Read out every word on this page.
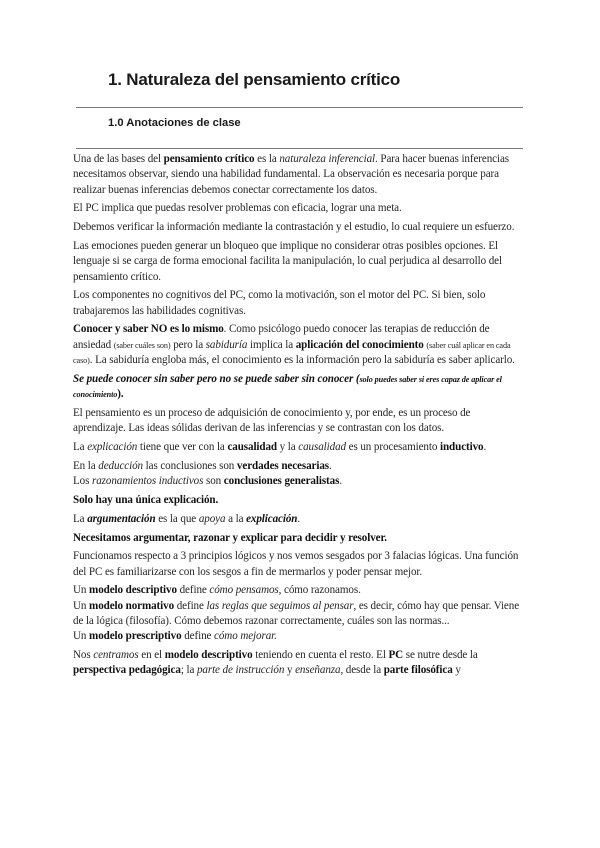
1. Naturaleza del pensamiento crítico
1.0 Anotaciones de clase

Una de las bases del pensamiento crítico es la naturaleza inferencial. Para hacer buenas inferencias necesitamos observar, siendo una habilidad fundamental. La observación es necesaria porque para realizar buenas inferencias debemos conectar correctamente los datos.

El PC implica que puedas resolver problemas con eficacia, lograr una meta.

Debemos verificar la información mediante la contrastación y el estudio, lo cual requiere un esfuerzo.

Las emociones pueden generar un bloqueo que implique no considerar otras posibles opciones. El lenguaje si se carga de forma emocional facilita la manipulación, lo cual perjudica al desarrollo del pensamiento crítico.

Los componentes no cognitivos del PC, como la motivación, son el motor del PC. Si bien, solo trabajaremos las habilidades cognitivas.

Conocer y saber NO es lo mismo. Como psicólogo puedo conocer las terapias de reducción de ansiedad (saber cuáles son) pero la sabiduría implica la aplicación del conocimiento (saber cuál aplicar en cada caso). La sabiduría engloba más, el conocimiento es la información pero la sabiduría es saber aplicarlo.

Se puede conocer sin saber pero no se puede saber sin conocer (solo puedes saber si eres capaz de aplicar el conocimiento).

El pensamiento es un proceso de adquisición de conocimiento y, por ende, es un proceso de aprendizaje. Las ideas sólidas derivan de las inferencias y se contrastan con los datos.

La explicación tiene que ver con la causalidad y la causalidad es un procesamiento inductivo.

En la deducción las conclusiones son verdades necesarias.

Los razonamientos inductivos son conclusiones generalistas.

Solo hay una única explicación.

La argumentación es la que apoya a la explicación.

Necesitamos argumentar, razonar y explicar para decidir y resolver.

Funcionamos respecto a 3 principios lógicos y nos vemos sesgados por 3 falacias lógicas. Una función del PC es familiarizarse con los sesgos a fin de mermarlos y poder pensar mejor.

Un modelo descriptivo define cómo pensamos, cómo razonamos.

Un modelo normativo define las reglas que seguimos al pensar, es decir, cómo hay que pensar. Viene de la lógica (filosofía). Cómo debemos razonar correctamente, cuáles son las normas...

Un modelo prescriptivo define cómo mejorar.

Nos centramos en el modelo descriptivo teniendo en cuenta el resto. El PC se nutre desde la perspectiva pedagógica; la parte de instrucción y enseñanza, desde la parte filosófica y
